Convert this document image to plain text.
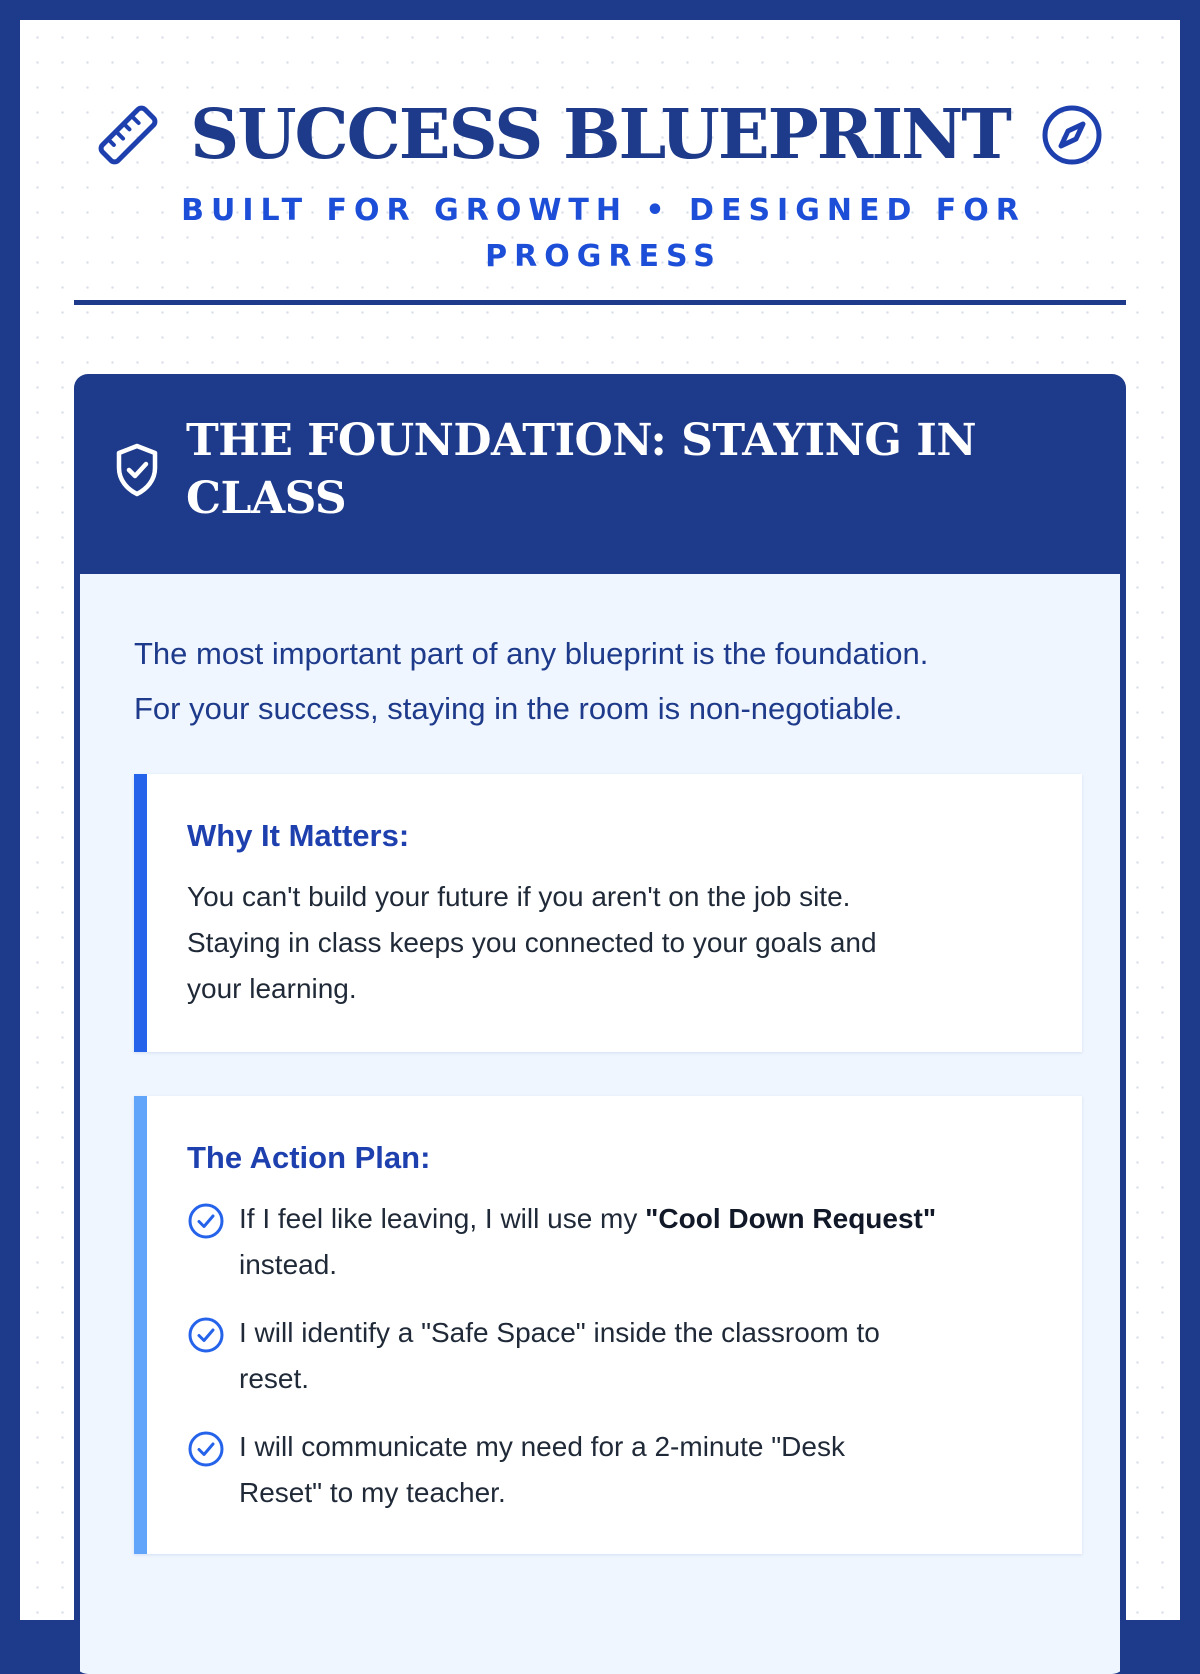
SUCCESS BLUEPRINT
BUILT FOR GROWTH • DESIGNED FOR
PROGRESS
THE FOUNDATION: STAYING IN
CLASS
The most important part of any blueprint is the foundation.
For your success, staying in the room is non-negotiable.
Why It Matters:
You can't build your future if you aren't on the job site.
Staying in class keeps you connected to your goals and
your learning.
The Action Plan:
If I feel like leaving, I will use my "Cool Down Request"
instead.
I will identify a "Safe Space" inside the classroom to
reset.
I will communicate my need for a 2-minute "Desk
Reset" to my teacher.
